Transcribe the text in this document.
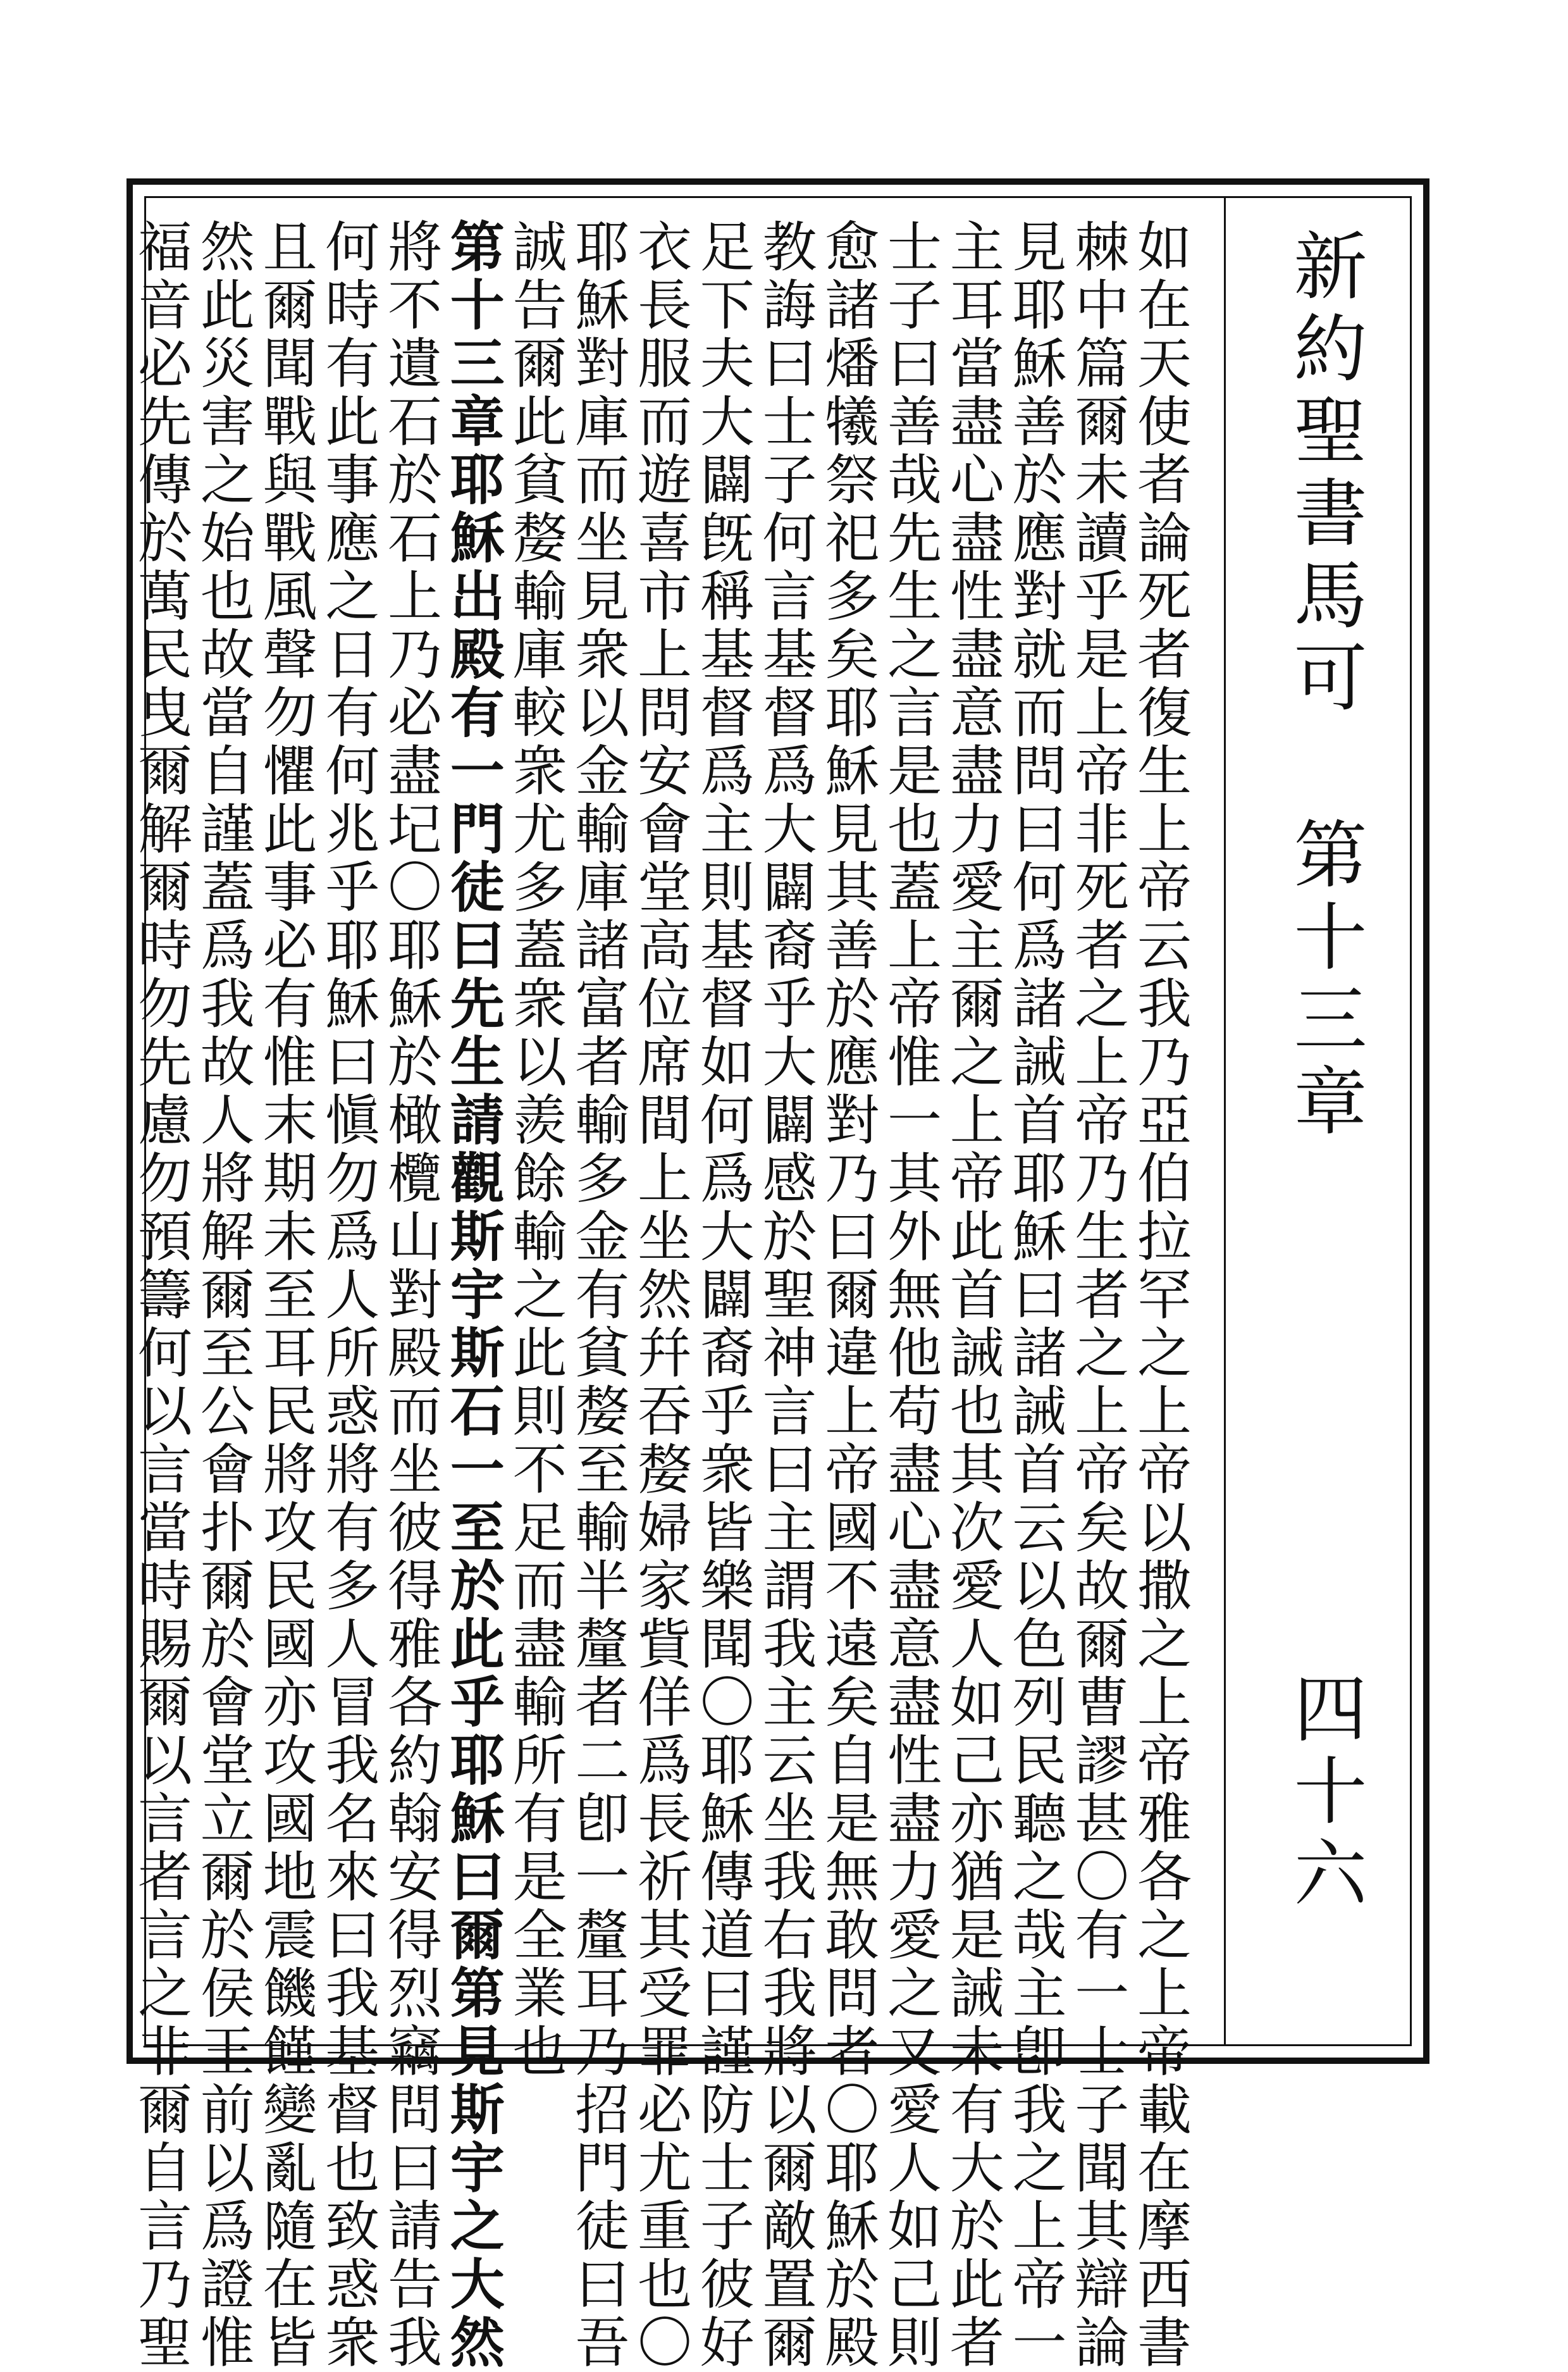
新約聖書
馬可
第十三章
四十六
如在天使者論死者復生上帝云我乃亞伯拉罕之上帝以撒之上帝雅各之上帝載在摩西書
棘中篇爾未讀乎是上帝非死者之上帝乃生者之上帝矣故爾曹謬甚〇有一士子聞其辯論
見耶穌善於應對就而問曰何爲諸誡首耶穌曰諸誡首云以色列民聽之哉主卽我之上帝一
主耳當盡心盡性盡意盡力愛主爾之上帝此首誡也其次愛人如己亦猶是誡未有大於此者
士子曰善哉先生之言是也蓋上帝惟一其外無他苟盡心盡意盡性盡力愛之又愛人如己則
愈諸燔犧祭祀多矣耶穌見其善於應對乃曰爾違上帝國不遠矣自是無敢問者〇耶穌於殿
教誨曰士子何言基督爲大闢裔乎大闢感於聖神言曰主謂我主云坐我右我將以爾敵置爾
足下夫大闢旣稱基督爲主則基督如何爲大闢裔乎衆皆樂聞〇耶穌傳道曰謹防士子彼好
衣長服而遊喜市上問安會堂高位席間上坐然幷吞嫠婦家貲佯爲長祈其受罪必尤重也〇
耶穌對庫而坐見衆以金輸庫諸富者輸多金有貧嫠至輸半釐者二卽一釐耳乃招門徒曰吾
誠告爾此貧嫠輸庫較衆尤多蓋衆以羨餘輸之此則不足而盡輸所有是全業也
第十三章耶穌出殿有一門徒曰先生請觀斯宇斯石一至於此乎耶穌曰爾第見斯宇之大然
將不遺石於石上乃必盡圮〇耶穌於橄欖山對殿而坐彼得雅各約翰安得烈竊問曰請告我
何時有此事應之日有何兆乎耶穌曰愼勿爲人所惑將有多人冒我名來曰我基督也致惑衆
且爾聞戰與戰風聲勿懼此事必有惟末期未至耳民將攻民國亦攻國地震饑饉變亂隨在皆
然此災害之始也故當自謹蓋爲我故人將解爾至公會扑爾於會堂立爾於侯王前以爲證惟
福音必先傳於萬民曳爾解爾時勿先慮勿預籌何以言當時賜爾以言者言之非爾自言乃聖
